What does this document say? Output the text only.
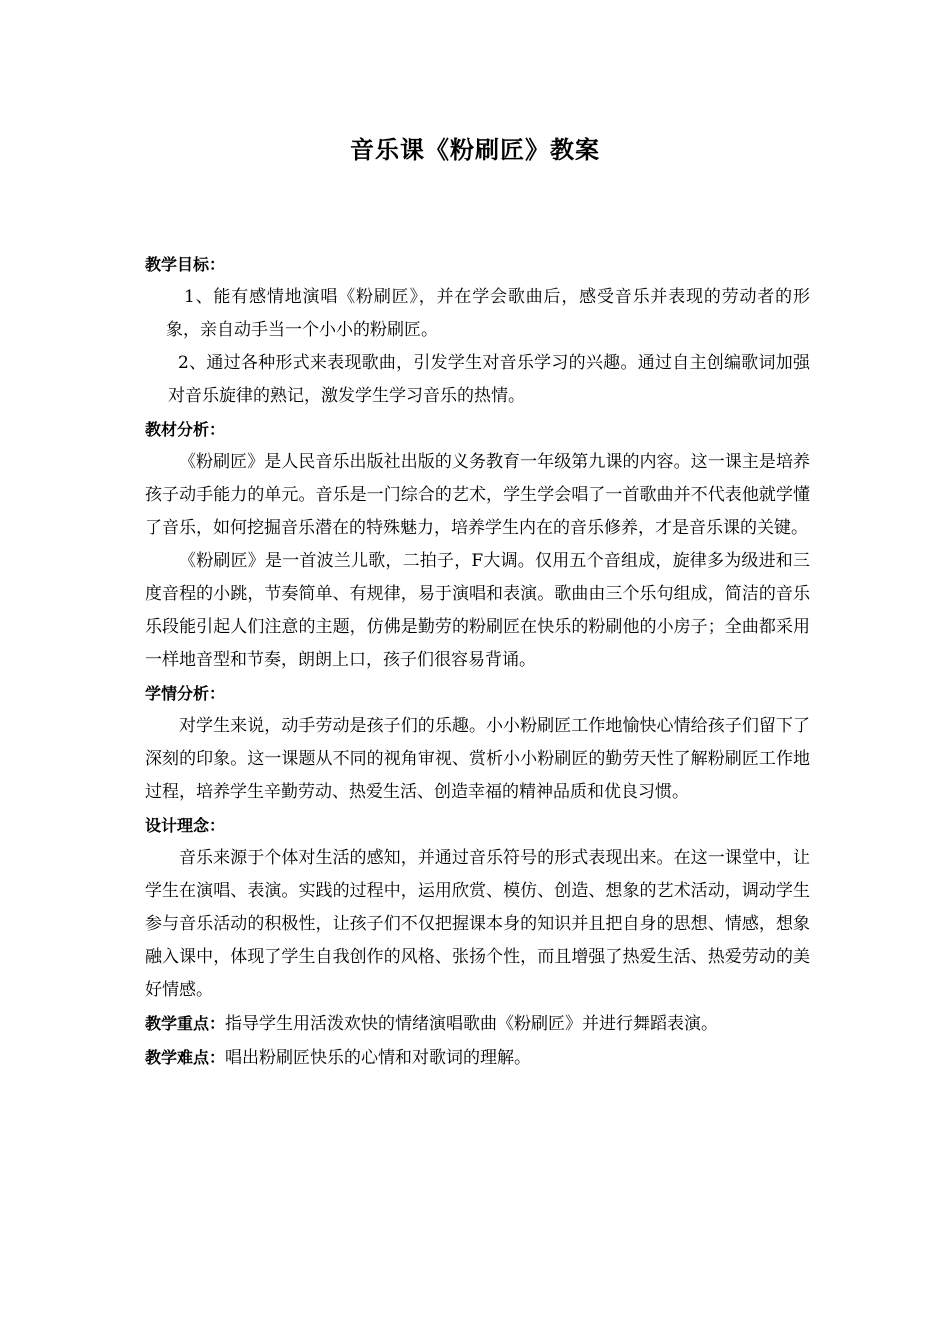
音乐课《粉刷匠》教案
教学目标：

1、能有感情地演唱《粉刷匠》，并在学会歌曲后，感受音乐并表现的劳动者的形象，亲自动手当一个小小的粉刷匠。

2、通过各种形式来表现歌曲，引发学生对音乐学习的兴趣。通过自主创编歌词加强对音乐旋律的熟记，激发学生学习音乐的热情。

教材分析：

《粉刷匠》是人民音乐出版社出版的义务教育一年级第九课的内容。这一课主是培养孩子动手能力的单元。音乐是一门综合的艺术，学生学会唱了一首歌曲并不代表他就学懂了音乐，如何挖掘音乐潜在的特殊魅力，培养学生内在的音乐修养，才是音乐课的关键。

《粉刷匠》是一首波兰儿歌，二拍子，F大调。仅用五个音组成，旋律多为级进和三度音程的小跳，节奏简单、有规律，易于演唱和表演。歌曲由三个乐句组成，简洁的音乐乐段能引起人们注意的主题，仿佛是勤劳的粉刷匠在快乐的粉刷他的小房子；全曲都采用一样地音型和节奏，朗朗上口，孩子们很容易背诵。

学情分析：

对学生来说，动手劳动是孩子们的乐趣。小小粉刷匠工作地愉快心情给孩子们留下了深刻的印象。这一课题从不同的视角审视、赏析小小粉刷匠的勤劳天性了解粉刷匠工作地过程，培养学生辛勤劳动、热爱生活、创造幸福的精神品质和优良习惯。

设计理念：

音乐来源于个体对生活的感知，并通过音乐符号的形式表现出来。在这一课堂中，让学生在演唱、表演。实践的过程中，运用欣赏、模仿、创造、想象的艺术活动，调动学生参与音乐活动的积极性，让孩子们不仅把握课本身的知识并且把自身的思想、情感，想象融入课中，体现了学生自我创作的风格、张扬个性，而且增强了热爱生活、热爱劳动的美好情感。

教学重点：指导学生用活泼欢快的情绪演唱歌曲《粉刷匠》并进行舞蹈表演。

教学难点：唱出粉刷匠快乐的心情和对歌词的理解。
